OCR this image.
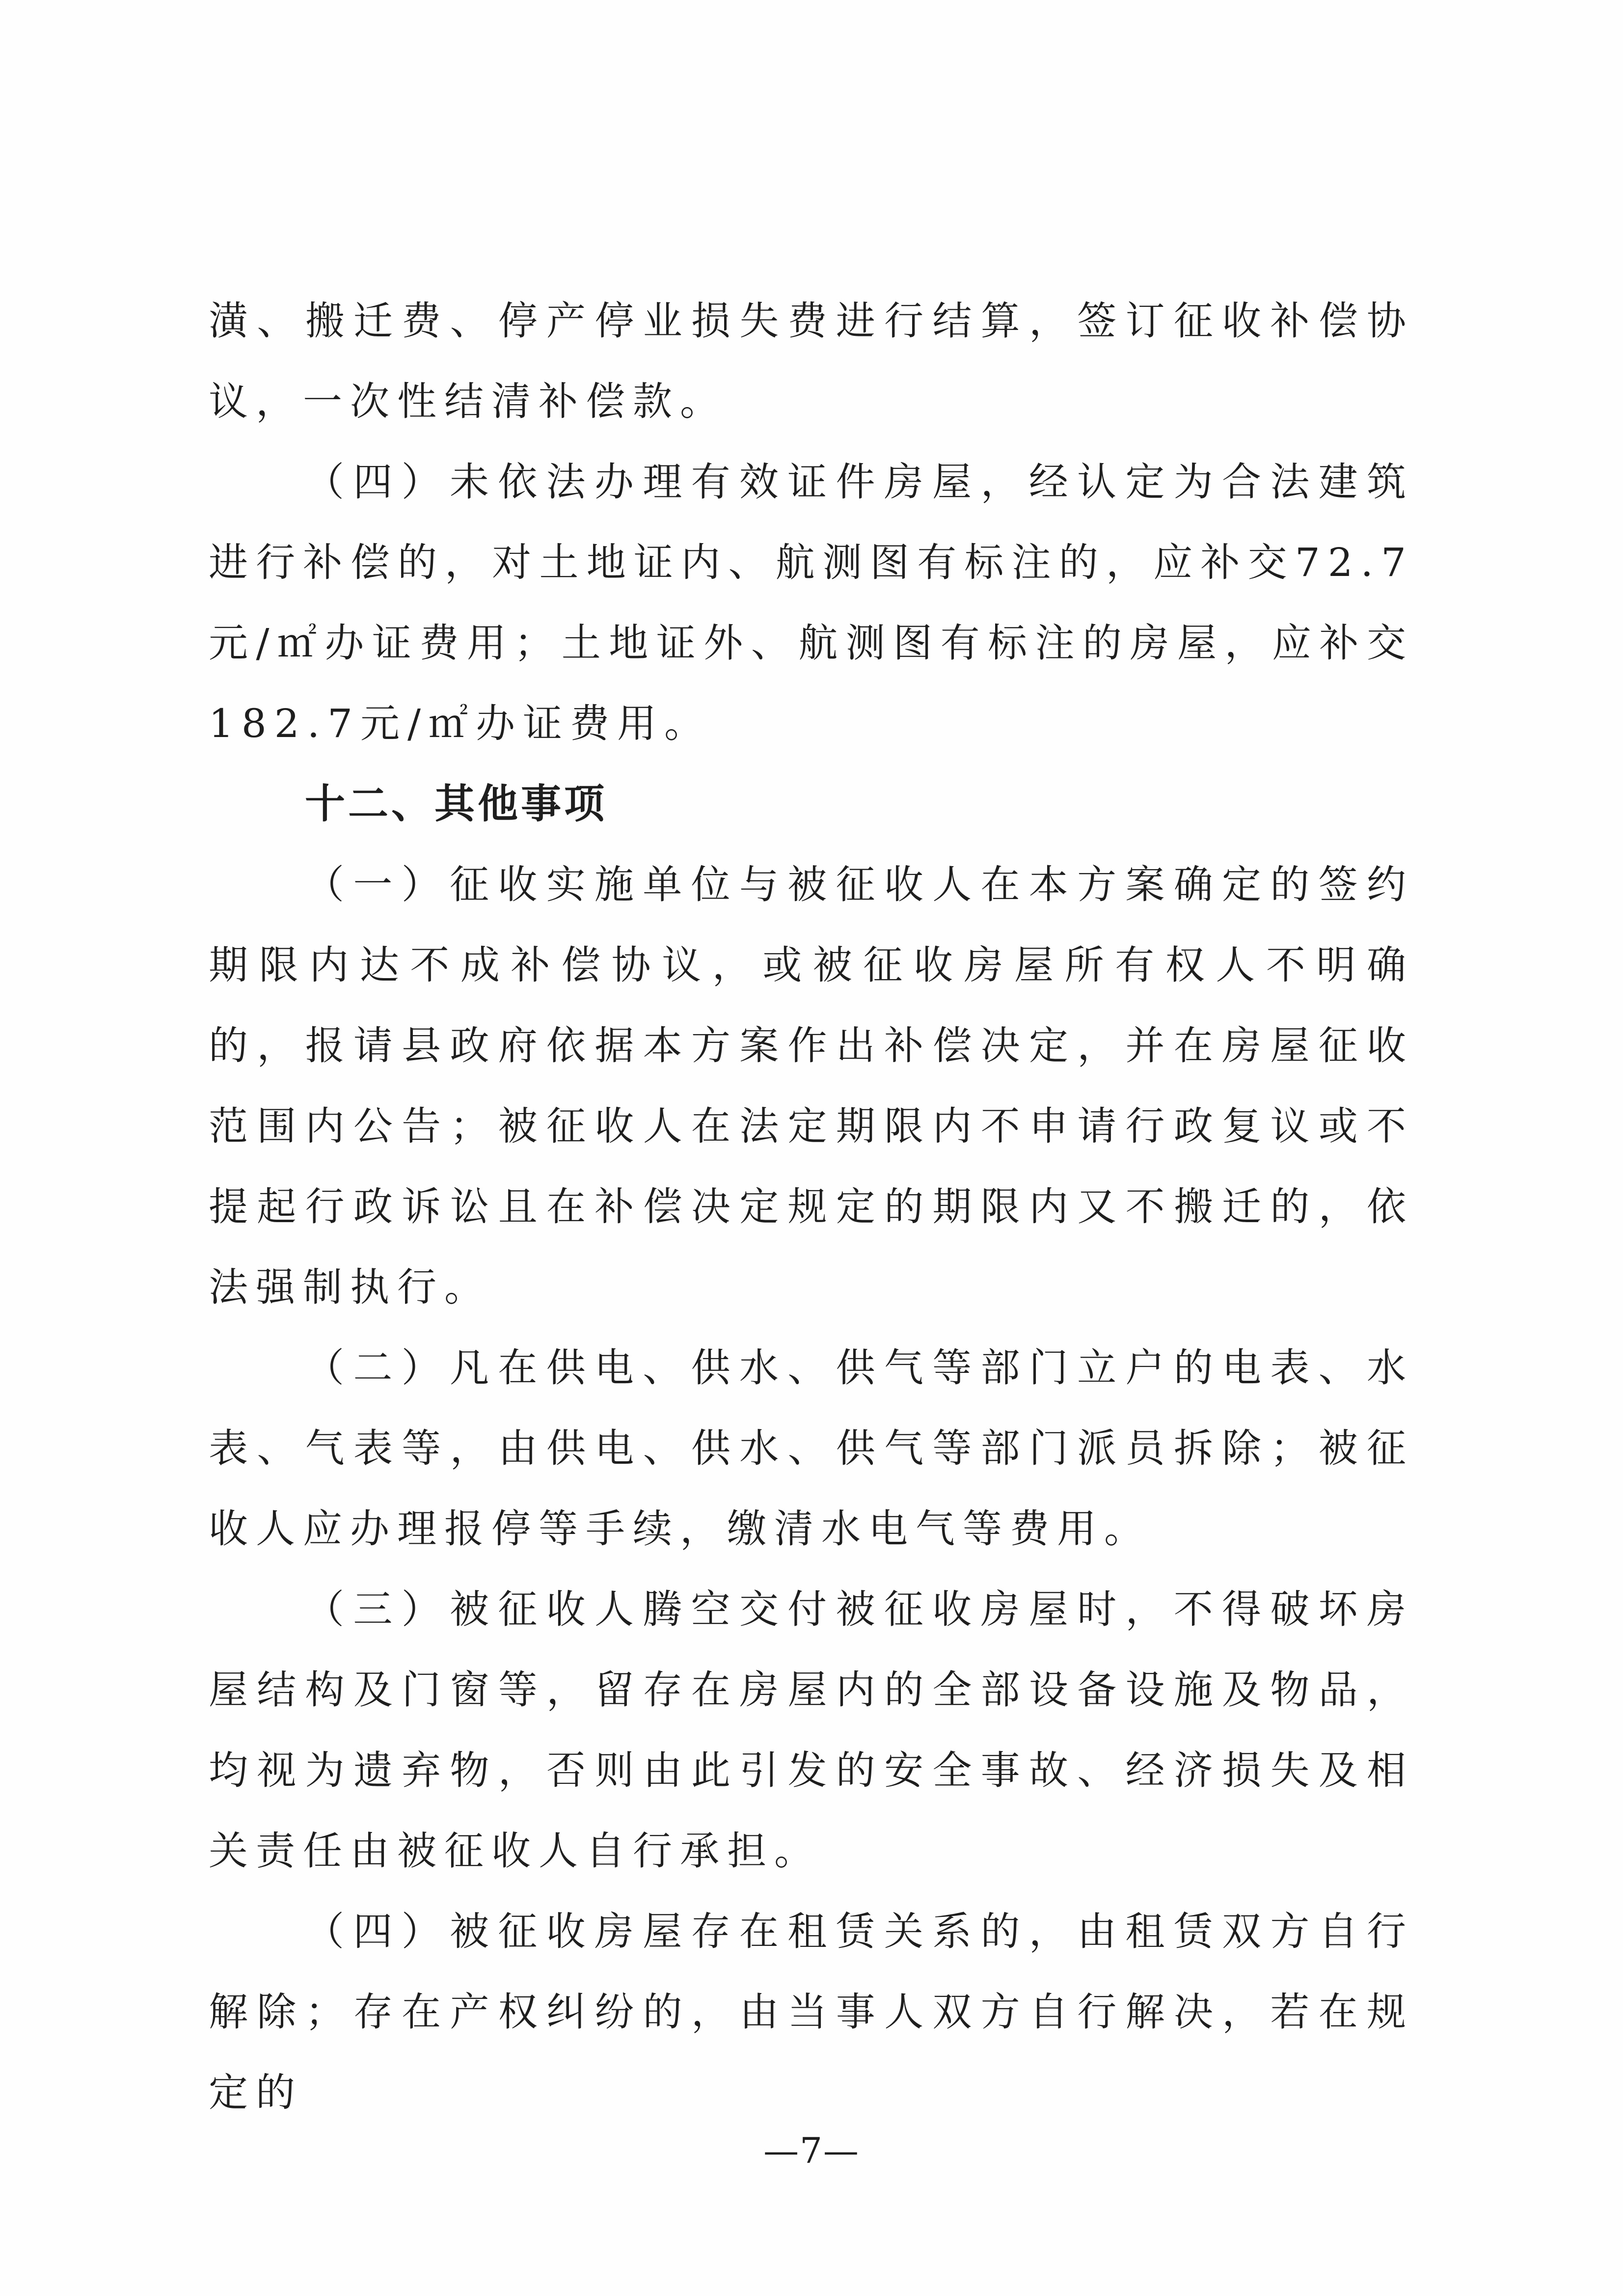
潢、搬迁费、停产停业损失费进行结算，签订征收补偿协议，一次性结清补偿款。

（四）未依法办理有效证件房屋，经认定为合法建筑进行补偿的，对土地证内、航测图有标注的，应补交72.7元/㎡办证费用；土地证外、航测图有标注的房屋，应补交182.7元/㎡办证费用。

十二、其他事项

（一）征收实施单位与被征收人在本方案确定的签约期限内达不成补偿协议，或被征收房屋所有权人不明确的，报请县政府依据本方案作出补偿决定，并在房屋征收范围内公告；被征收人在法定期限内不申请行政复议或不提起行政诉讼且在补偿决定规定的期限内又不搬迁的，依法强制执行。

（二）凡在供电、供水、供气等部门立户的电表、水表、气表等，由供电、供水、供气等部门派员拆除；被征收人应办理报停等手续，缴清水电气等费用。

（三）被征收人腾空交付被征收房屋时，不得破坏房屋结构及门窗等，留存在房屋内的全部设备设施及物品，均视为遗弃物，否则由此引发的安全事故、经济损失及相关责任由被征收人自行承担。

（四）被征收房屋存在租赁关系的，由租赁双方自行解除；存在产权纠纷的，由当事人双方自行解决，若在规定的

—7—
